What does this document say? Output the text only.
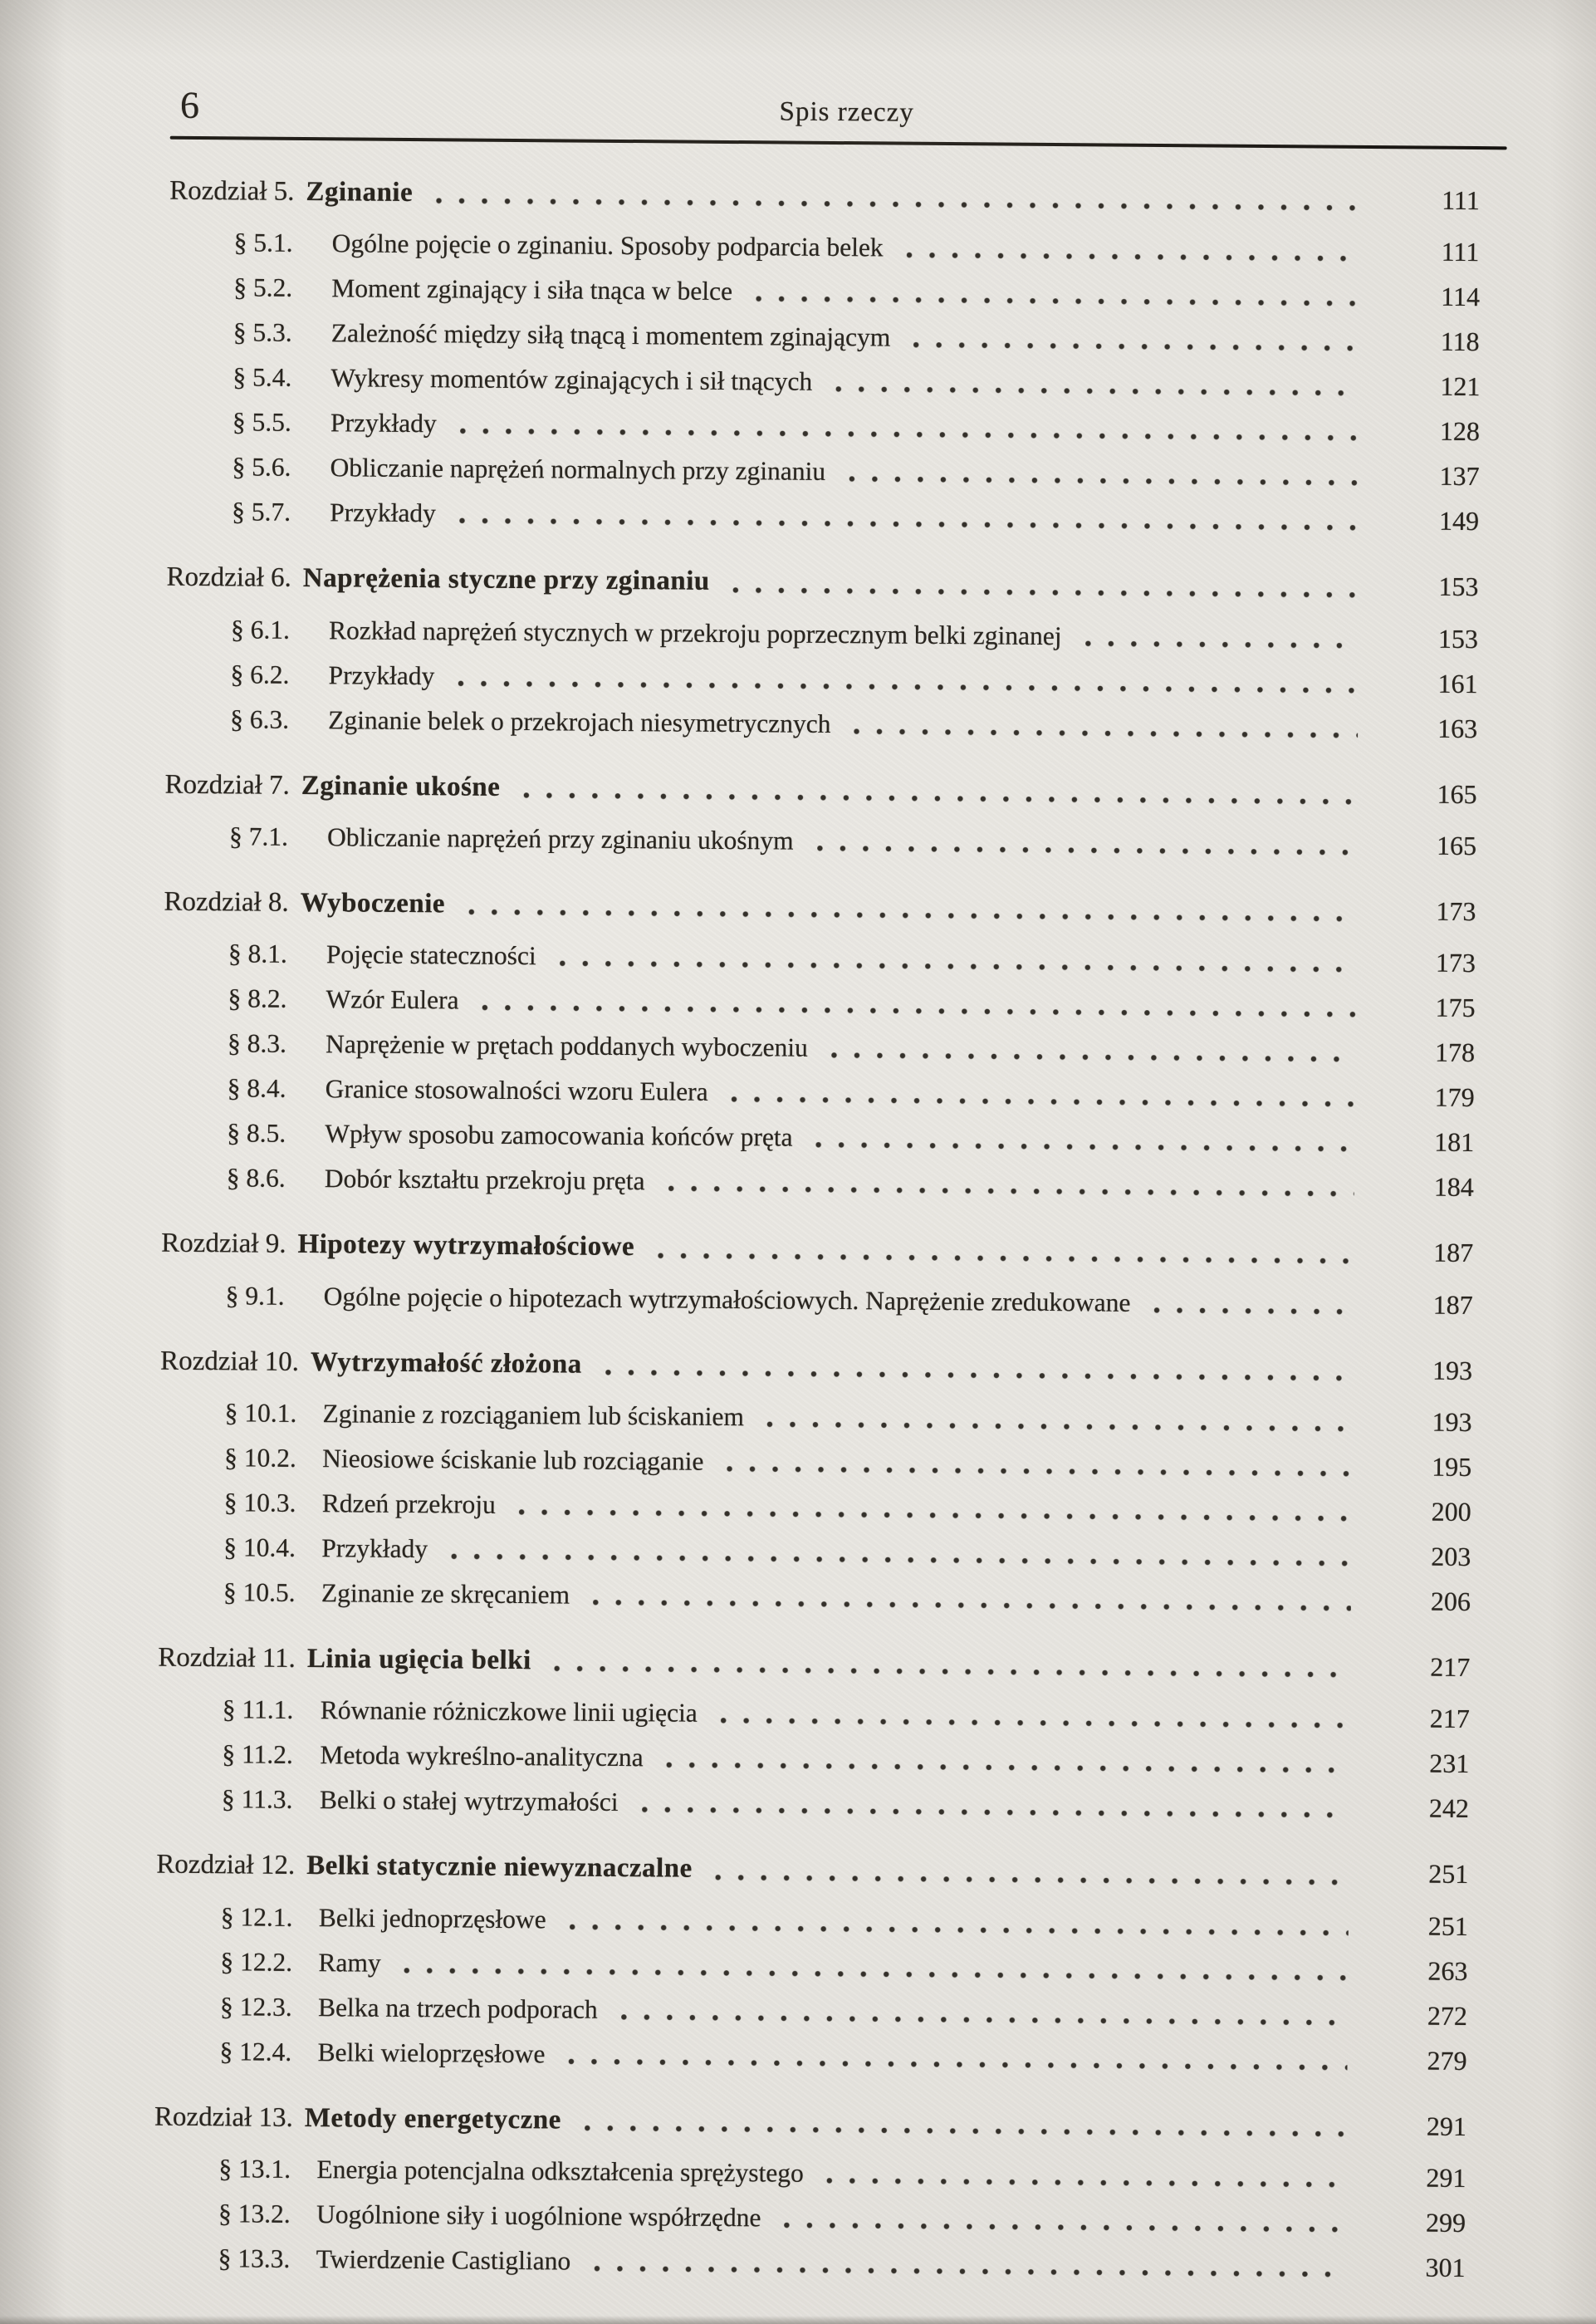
6	Spis rzeczy
Rozdział 5. Zginanie	111
§ 5.1.	Ogólne pojęcie o zginaniu. Sposoby podparcia belek	111
§ 5.2.	Moment zginający i siła tnąca w belce	114
§ 5.3.	Zależność między siłą tnącą i momentem zginającym	118
§ 5.4.	Wykresy momentów zginających i sił tnących	121
§ 5.5.	Przykłady	128
§ 5.6.	Obliczanie naprężeń normalnych przy zginaniu	137
§ 5.7.	Przykłady	149
Rozdział 6. Naprężenia styczne przy zginaniu	153
§ 6.1.	Rozkład naprężeń stycznych w przekroju poprzecznym belki zginanej	153
§ 6.2.	Przykłady	161
§ 6.3.	Zginanie belek o przekrojach niesymetrycznych	163
Rozdział 7. Zginanie ukośne	165
§ 7.1.	Obliczanie naprężeń przy zginaniu ukośnym	165
Rozdział 8. Wyboczenie	173
§ 8.1.	Pojęcie stateczności	173
§ 8.2.	Wzór Eulera	175
§ 8.3.	Naprężenie w prętach poddanych wyboczeniu	178
§ 8.4.	Granice stosowalności wzoru Eulera	179
§ 8.5.	Wpływ sposobu zamocowania końców pręta	181
§ 8.6.	Dobór kształtu przekroju pręta	184
Rozdział 9. Hipotezy wytrzymałościowe	187
§ 9.1.	Ogólne pojęcie o hipotezach wytrzymałościowych. Naprężenie zredukowane	187
Rozdział 10. Wytrzymałość złożona	193
§ 10.1. Zginanie z rozciąganiem lub ściskaniem	193
§ 10.2. Nieosiowe ściskanie lub rozciąganie	195
§ 10.3. Rdzeń przekroju	200
§ 10.4. Przykłady	203
§ 10.5. Zginanie ze skręcaniem	206
Rozdział 11. Linia ugięcia belki	217
§ 11.1.	Równanie różniczkowe linii ugięcia	217
§ 11.2.	Metoda wykreślno-analityczna	231
§ 11.3.	Belki o stałej wytrzymałości	242
Rozdział 12. Belki statycznie niewyznaczalne	251
§ 12.1. Belki jednoprzęsłowe	251
§ 12.2. Ramy	263
§ 12.3. Belka na trzech podporach	272
§ 12.4. Belki wieloprzęsłowe	279
Rozdział 13. Metody energetyczne	291
§ 13.1. Energia potencjalna odkształcenia sprężystego	291
§ 13.2. Uogólnione siły i uogólnione współrzędne	299
§ 13.3. Twierdzenie Castigliano	301
